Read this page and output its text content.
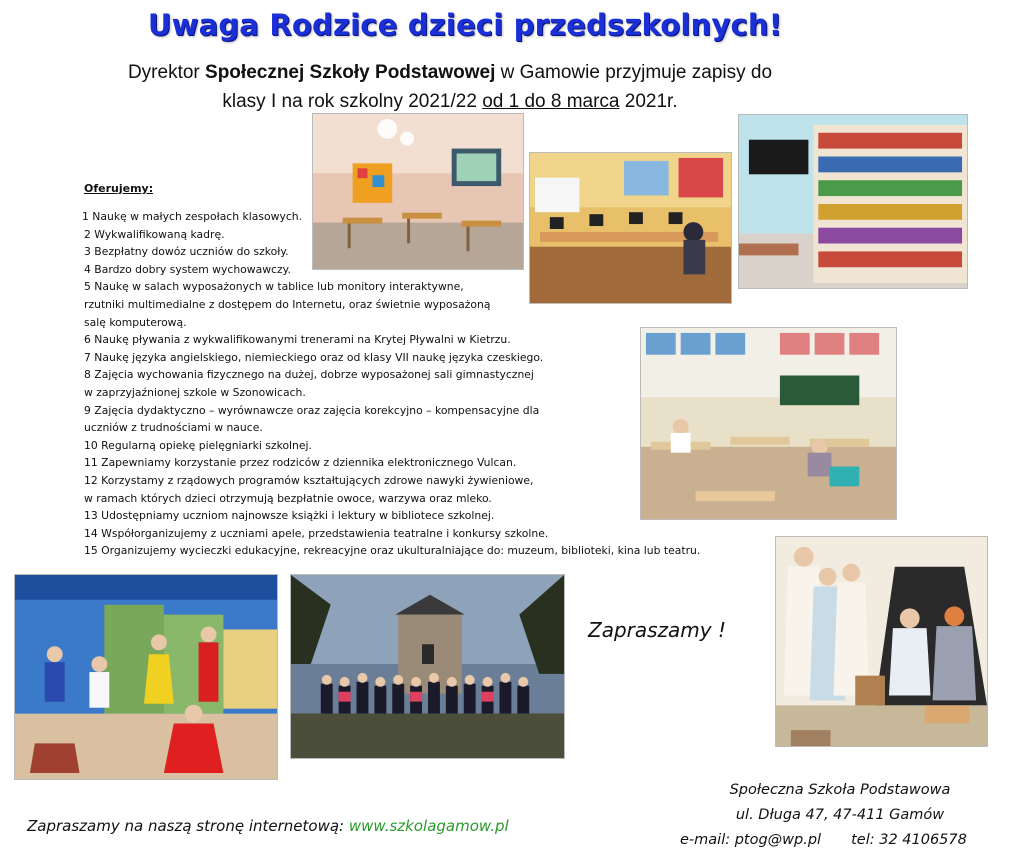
Uwaga Rodzice dzieci przedszkolnych!
Dyrektor Społecznej Szkoły Podstawowej w Gamowie przyjmuje zapisy do
klasy I na rok szkolny 2021/22 od 1 do 8 marca 2021r.
Oferujemy:
1 Naukę w małych zespołach klasowych.
2 Wykwalifikowaną kadrę.
3 Bezpłatny dowóz uczniów do szkoły.
4 Bardzo dobry system wychowawczy.
5 Naukę w salach wyposażonych w tablice lub monitory interaktywne,
rzutniki multimedialne z dostępem do Internetu, oraz świetnie wyposażoną
salę komputerową.
6 Naukę pływania z wykwalifikowanymi trenerami na Krytej Pływalni w Kietrzu.
7 Naukę języka angielskiego, niemieckiego oraz od klasy VII naukę języka czeskiego.
8 Zajęcia wychowania fizycznego na dużej, dobrze wyposażonej sali gimnastycznej
w zaprzyjaźnionej szkole w Szonowicach.
9 Zajęcia dydaktyczno – wyrównawcze oraz zajęcia korekcyjno – kompensacyjne dla
uczniów z trudnościami w nauce.
10 Regularną opiekę pielęgniarki szkolnej.
11 Zapewniamy korzystanie przez rodziców z dziennika elektronicznego Vulcan.
12 Korzystamy z rządowych programów kształtujących zdrowe nawyki żywieniowe,
w ramach których dzieci otrzymują bezpłatnie owoce, warzywa oraz mleko.
13 Udostępniamy uczniom najnowsze książki i lektury w bibliotece szkolnej.
14 Współorganizujemy z uczniami apele, przedstawienia teatralne i konkursy szkolne.
15 Organizujemy wycieczki edukacyjne, rekreacyjne oraz ukulturalniające do: muzeum, biblioteki, kina lub teatru.
Zapraszamy !
Zapraszamy na naszą stronę internetową: www.szkolagamow.pl
Społeczna Szkoła Podstawowa
ul. Długa 47, 47-411 Gamów
e-mail: ptog@wp.pl tel: 32 4106578
